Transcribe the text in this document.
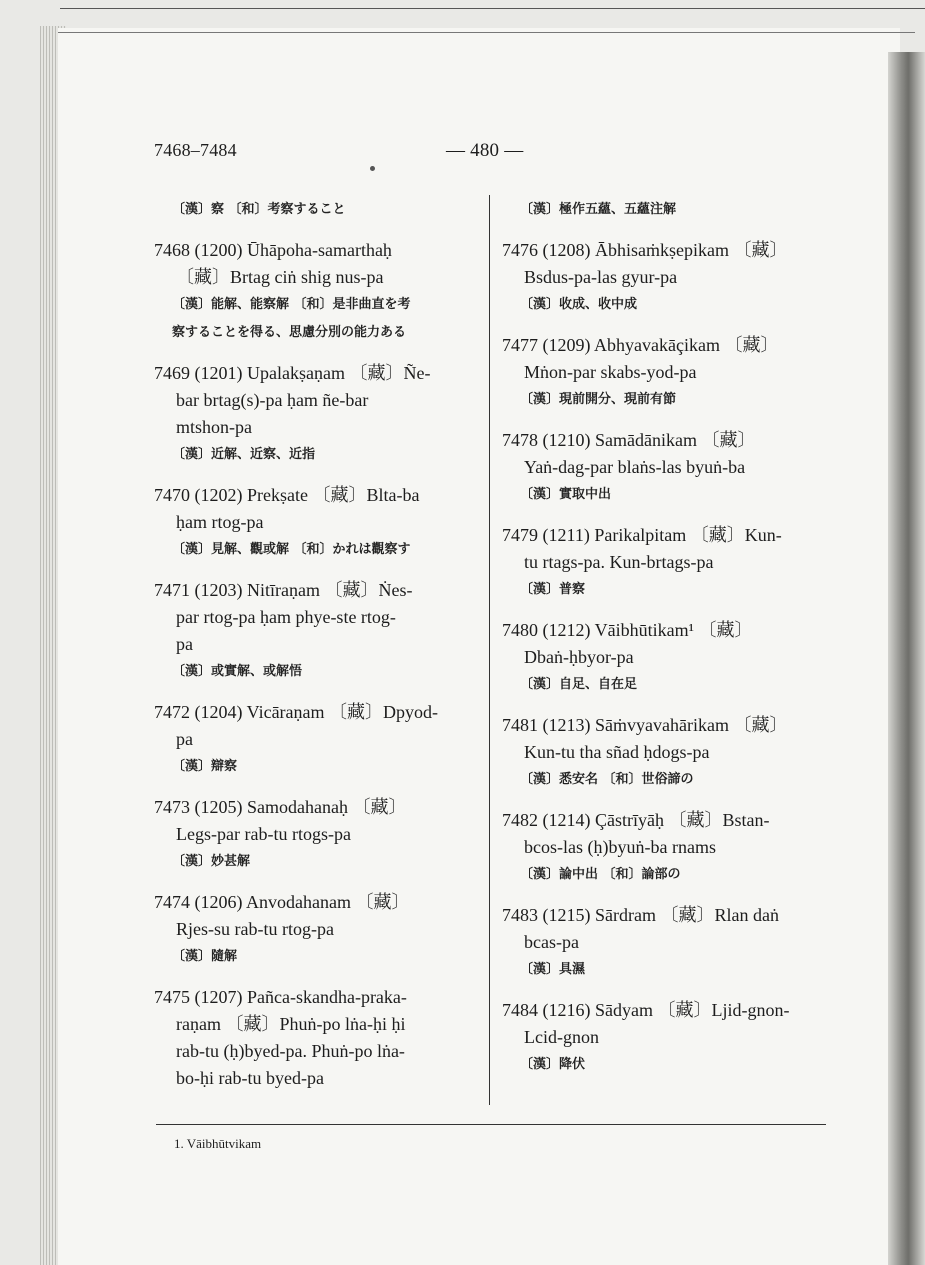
7468–7484	— 480 —
〔漢〕察 〔和〕考察すること
7468 (1200) Ūhāpoha-samarthaḥ
〔藏〕Brtag ciṅ shig nus-pa
〔漢〕能解、能察解 〔和〕是非曲直を考
察することを得る、思慮分別の能力ある
7469 (1201) Upalakṣaṇam 〔藏〕Ñe-
bar brtag(s)-pa ḥam ñe-bar
mtshon-pa
〔漢〕近解、近察、近指
7470 (1202) Prekṣate 〔藏〕Blta-ba
ḥam rtog-pa
〔漢〕見解、觀或解 〔和〕かれは觀察す
7471 (1203) Nitīraṇam 〔藏〕Ṅes-
par rtog-pa ḥam phye-ste rtog-
pa
〔漢〕或實解、或解悟
7472 (1204) Vicāraṇam 〔藏〕Dpyod-
pa
〔漢〕辯察
7473 (1205) Samodahanaḥ 〔藏〕
Legs-par rab-tu rtogs-pa
〔漢〕妙甚解
7474 (1206) Anvodahanam 〔藏〕
Rjes-su rab-tu rtog-pa
〔漢〕隨解
7475 (1207) Pañca-skandha-praka-
raṇam 〔藏〕Phuṅ-po lṅa-ḥi ḥi
rab-tu (ḥ)byed-pa. Phuṅ-po lṅa-
bo-ḥi rab-tu byed-pa
〔漢〕極作五蘊、五蘊注解
7476 (1208) Ābhisaṁkṣepikam 〔藏〕
Bsdus-pa-las gyur-pa
〔漢〕收成、收中成
7477 (1209) Abhyavakāçikam 〔藏〕
Mṅon-par skabs-yod-pa
〔漢〕現前開分、現前有節
7478 (1210) Samādānikam 〔藏〕
Yaṅ-dag-par blaṅs-las byuṅ-ba
〔漢〕實取中出
7479 (1211) Parikalpitam 〔藏〕Kun-
tu rtags-pa. Kun-brtags-pa
〔漢〕普察
7480 (1212) Vāibhūtikam¹ 〔藏〕
Dbaṅ-ḥbyor-pa
〔漢〕自足、自在足
7481 (1213) Sāṁvyavahārikam 〔藏〕
Kun-tu tha sñad ḥdogs-pa
〔漢〕悉安名 〔和〕世俗諦の
7482 (1214) Çāstrīyāḥ 〔藏〕Bstan-
bcos-las (ḥ)byuṅ-ba rnams
〔漢〕論中出 〔和〕論部の
7483 (1215) Sārdram 〔藏〕Rlan daṅ
bcas-pa
〔漢〕具濕
7484 (1216) Sādyam 〔藏〕Ljid-gnon-
Lcid-gnon
〔漢〕降伏
1. Vāibhūtvikam
